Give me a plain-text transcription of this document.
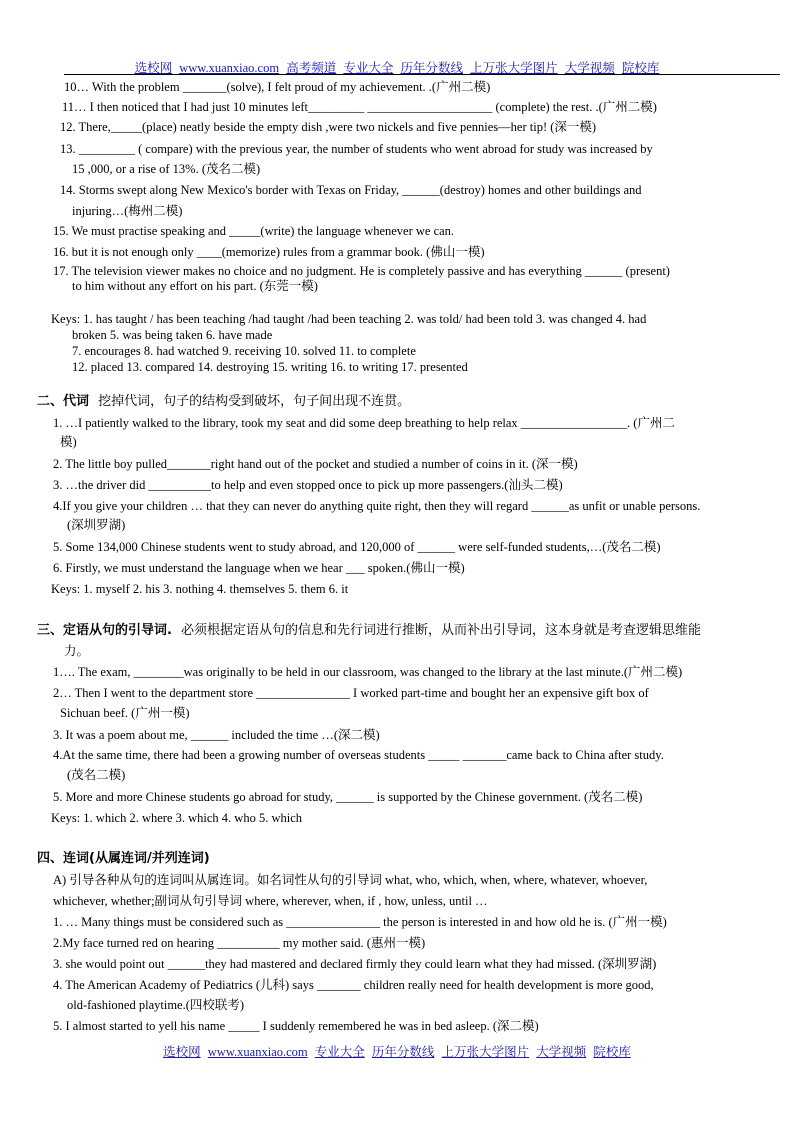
选校网 www.xuanxiao.com 高考频道 专业大全 历年分数线 上万张大学图片 大学视频 院校库
10… With the problem _______(solve), I felt proud of my achievement. .(广州二模)
11… I then noticed that I had just 10 minutes left_________ ____________________ (complete) the rest. .(广州二模)
12. There,_____(place) neatly beside the empty dish ,were two nickels and five pennies—her tip! (深一模)
13. _________ ( compare) with the previous year, the number of students who went abroad for study was increased by
15 ,000, or a rise of 13%. (茂名二模)
14. Storms swept along New Mexico's border with Texas on Friday, ______(destroy) homes and other buildings and
injuring…(梅州二模)
15. We must practise speaking and _____(write) the language whenever we can.
16. but it is not enough only ____(memorize) rules from a grammar book. (佛山一模)
17. The television viewer makes no choice and no judgment. He is completely passive and has everything ______ (present)
to him without any effort on his part. (东莞一模)
Keys: 1. has taught / has been teaching /had taught /had been teaching 2. was told/ had been told 3. was changed 4. had
broken 5. was being taken 6. have made
7. encourages 8. had watched 9. receiving 10. solved 11. to complete
12. placed 13. compared 14. destroying 15. writing 16. to writing 17. presented
二、代词 挖掉代词，句子的结构受到破坏，句子间出现不连贯。
1. …I patiently walked to the library, took my seat and did some deep breathing to help relax _________________. (广州二
模)
2. The little boy pulled_______right hand out of the pocket and studied a number of coins in it. (深一模)
3. …the driver did __________to help and even stopped once to pick up more passengers.(汕头二模)
4.If you give your children … that they can never do anything quite right, then they will regard ______as unfit or unable persons.
(深圳罗湖)
5. Some 134,000 Chinese students went to study abroad, and 120,000 of ______ were self-funded students,…(茂名二模)
6. Firstly, we must understand the language when we hear ___ spoken.(佛山一模)
Keys: 1. myself 2. his 3. nothing 4. themselves 5. them 6. it
三、定语从句的引导词. 必须根据定语从句的信息和先行词进行推断，从而补出引导词，这本身就是考查逻辑思维能
力。
1…. The exam, ________was originally to be held in our classroom, was changed to the library at the last minute.(广州二模)
2… Then I went to the department store _______________ I worked part-time and bought her an expensive gift box of
Sichuan beef. (广州一模)
3. It was a poem about me, ______ included the time …(深二模)
4.At the same time, there had been a growing number of overseas students _____ _______came back to China after study.
(茂名二模)
5. More and more Chinese students go abroad for study, ______ is supported by the Chinese government. (茂名二模)
Keys: 1. which 2. where 3. which 4. who 5. which
四、连词(从属连词/并列连词)
A) 引导各种从句的连词叫从属连词。如名词性从句的引导词 what, who, which, when, where, whatever, whoever,
whichever, whether;副词从句引导词 where, wherever, when, if , how, unless, until …
1. … Many things must be considered such as _______________ the person is interested in and how old he is. (广州一模)
2.My face turned red on hearing __________ my mother said. (惠州一模)
3. she would point out ______they had mastered and declared firmly they could learn what they had missed. (深圳罗湖)
4. The American Academy of Pediatrics (儿科) says _______ children really need for health development is more good,
old-fashioned playtime.(四校联考)
5. I almost started to yell his name _____ I suddenly remembered he was in bed asleep. (深二模)
选校网 www.xuanxiao.com 专业大全 历年分数线 上万张大学图片 大学视频 院校库
